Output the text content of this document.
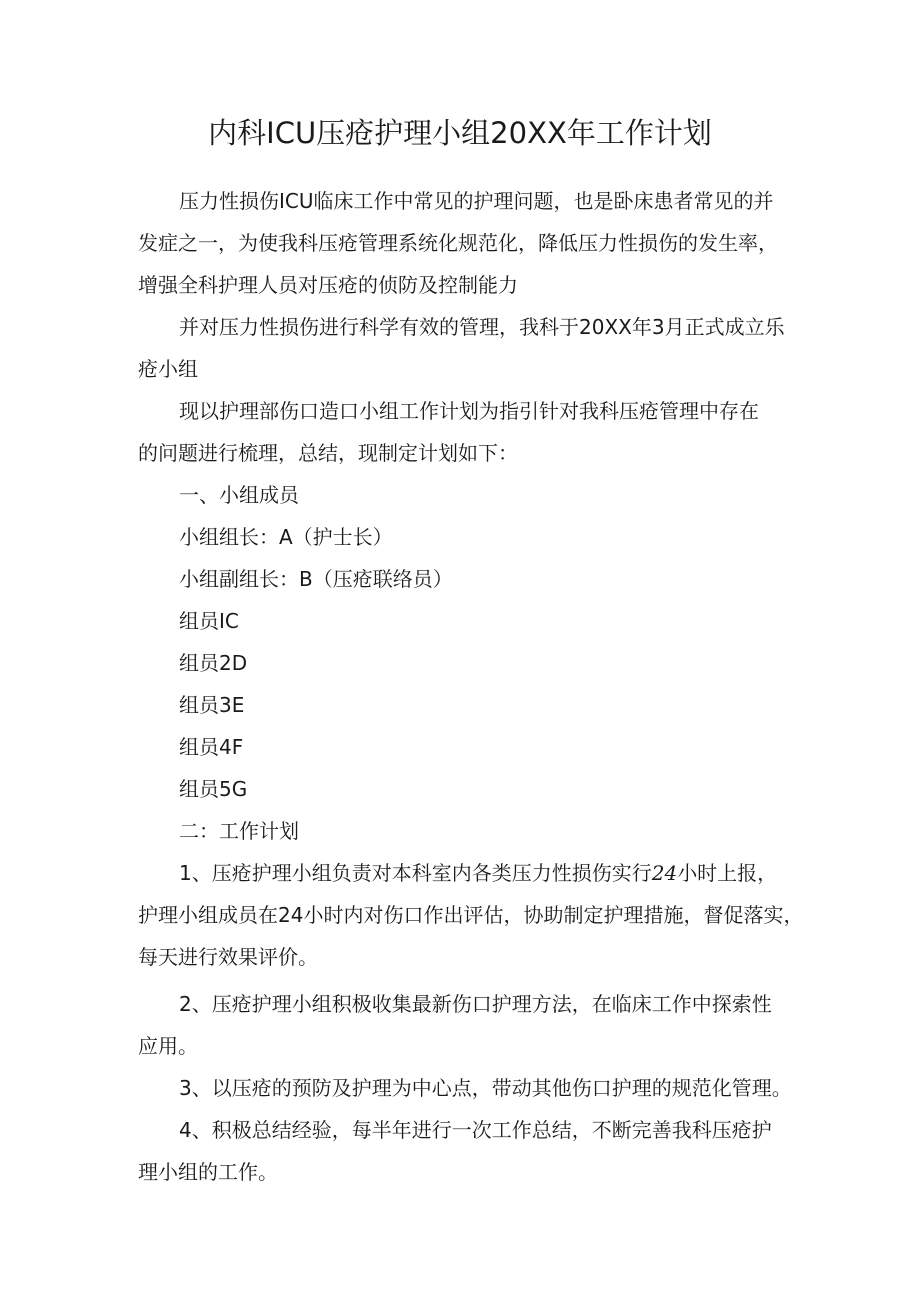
内科ICU压疮护理小组20XX年工作计划
压力性损伤ICU临床工作中常见的护理问题，也是卧床患者常见的并
发症之一，为使我科压疮管理系统化规范化，降低压力性损伤的发生率，
增强全科护理人员对压疮的侦防及控制能力
并对压力性损伤进行科学有效的管理，我科于20XX年3月正式成立乐
疮小组
现以护理部伤口造口小组工作计划为指引针对我科压疮管理中存在
的问题进行梳理，总结，现制定计划如下：
一、小组成员
小组组长：A（护士长）
小组副组长：B（压疮联络员）
组员IC
组员2D
组员3E
组员4F
组员5G
二：工作计划
1、压疮护理小组负责对本科室内各类压力性损伤实行24小时上报，
护理小组成员在24小时内对伤口作出评估，协助制定护理措施，督促落实，
每天进行效果评价。
2、压疮护理小组积极收集最新伤口护理方法，在临床工作中探索性
应用。
3、以压疮的预防及护理为中心点，带动其他伤口护理的规范化管理。
4、积极总结经验，每半年进行一次工作总结，不断完善我科压疮护
理小组的工作。
